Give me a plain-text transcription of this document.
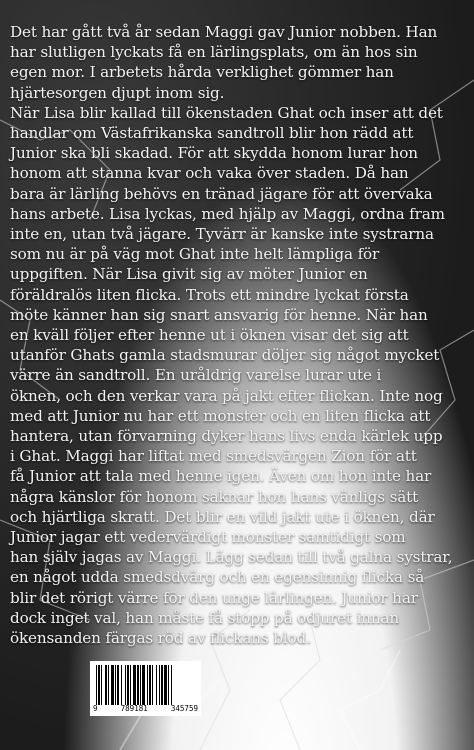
Det har gått två år sedan Maggi gav Junior nobben. Han
har slutligen lyckats få en lärlingsplats, om än hos sin
egen mor. I arbetets hårda verklighet gömmer han
hjärtesorgen djupt inom sig.
När Lisa blir kallad till ökenstaden Ghat och inser att det
handlar om Västafrikanska sandtroll blir hon rädd att
Junior ska bli skadad. För att skydda honom lurar hon
honom att stanna kvar och vaka över staden. Då han
bara är lärling behövs en tränad jägare för att övervaka
hans arbete. Lisa lyckas, med hjälp av Maggi, ordna fram
inte en, utan två jägare. Tyvärr är kanske inte systrarna
som nu är på väg mot Ghat inte helt lämpliga för
uppgiften. När Lisa givit sig av möter Junior en
föräldralös liten flicka. Trots ett mindre lyckat första
möte känner han sig snart ansvarig för henne. När han
en kväll följer efter henne ut i öknen visar det sig att
utanför Ghats gamla stadsmurar döljer sig något mycket
värre än sandtroll. En uråldrig varelse lurar ute i
öknen, och den verkar vara på jakt efter flickan. Inte nog
med att Junior nu har ett monster och en liten flicka att
hantera, utan förvarning dyker hans livs enda kärlek upp
i Ghat. Maggi har liftat med smedsvärgen Zion för att
få Junior att tala med henne igen. Även om hon inte har
några känslor för honom saknar hon hans vänligs sätt
och hjärtliga skratt. Det blir en vild jakt ute i öknen, där
Junior jagar ett vedervärdigt monster samtidigt som
han själv jagas av Maggi. Lägg sedan till två galna systrar,
en något udda smedsdvärg och en egensinnig flicka så
blir det rörigt värre för den unge lärlingen. Junior har
dock inget val, han måste få stopp på odjuret innan
ökensanden färgas röd av flickans blod.
9	789181	345759
